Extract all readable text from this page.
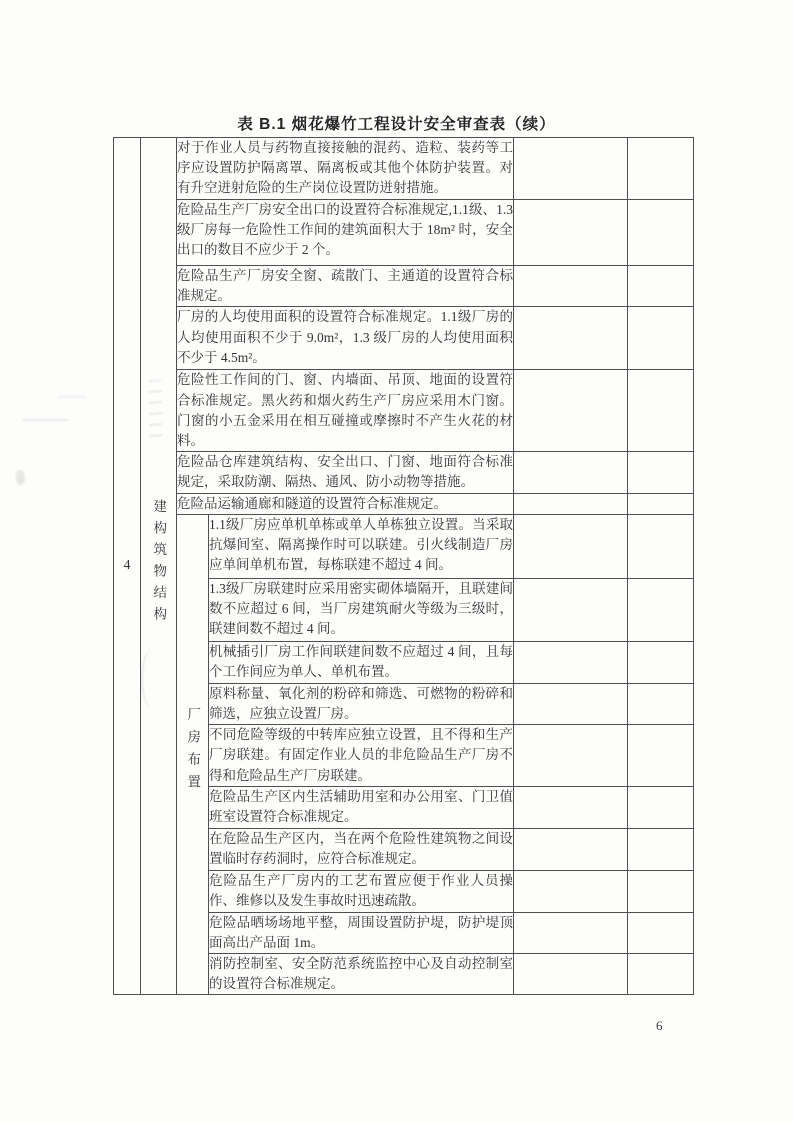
表 B.1 烟花爆竹工程设计安全审查表（续）
4	建构筑物结构	对于作业人员与药物直接接触的混药、造粒、装药等工序应设置防护隔离罩、隔离板或其他个体防护装置。对有升空迸射危险的生产岗位设置防迸射措施。			
		危险品生产厂房安全出口的设置符合标准规定,1.1级、1.3级厂房每一危险性工作间的建筑面积大于 18m² 时，安全出口的数目不应少于 2 个。			
		危险品生产厂房安全窗、疏散门、主通道的设置符合标准规定。			
		厂房的人均使用面积的设置符合标准规定。1.1级厂房的人均使用面积不少于 9.0m²，1.3 级厂房的人均使用面积不少于 4.5m²。			
		危险性工作间的门、窗、内墙面、吊顶、地面的设置符合标准规定。黑火药和烟火药生产厂房应采用木门窗。门窗的小五金采用在相互碰撞或摩擦时不产生火花的材料。			
		危险品仓库建筑结构、安全出口、门窗、地面符合标准规定，采取防潮、隔热、通风、防小动物等措施。			
		危险品运输通廊和隧道的设置符合标准规定。			
		厂房布置	1.1级厂房应单机单栋或单人单栋独立设置。当采取抗爆间室、隔离操作时可以联建。引火线制造厂房应单间单机布置，每栋联建不超过 4 间。		
			1.3级厂房联建时应采用密实砌体墙隔开，且联建间数不应超过 6 间，当厂房建筑耐火等级为三级时，联建间数不超过 4 间。		
			机械插引厂房工作间联建间数不应超过 4 间，且每个工作间应为单人、单机布置。		
			原料称量、氧化剂的粉碎和筛选、可燃物的粉碎和筛选，应独立设置厂房。		
			不同危险等级的中转库应独立设置，且不得和生产厂房联建。有固定作业人员的非危险品生产厂房不得和危险品生产厂房联建。		
			危险品生产区内生活辅助用室和办公用室、门卫值班室设置符合标准规定。		
			在危险品生产区内，当在两个危险性建筑物之间设置临时存药洞时，应符合标准规定。		
			危险品生产厂房内的工艺布置应便于作业人员操作、维修以及发生事故时迅速疏散。		
			危险品晒场场地平整，周围设置防护堤，防护堤顶面高出产品面 1m。		
			消防控制室、安全防范系统监控中心及自动控制室的设置符合标准规定。		
6
